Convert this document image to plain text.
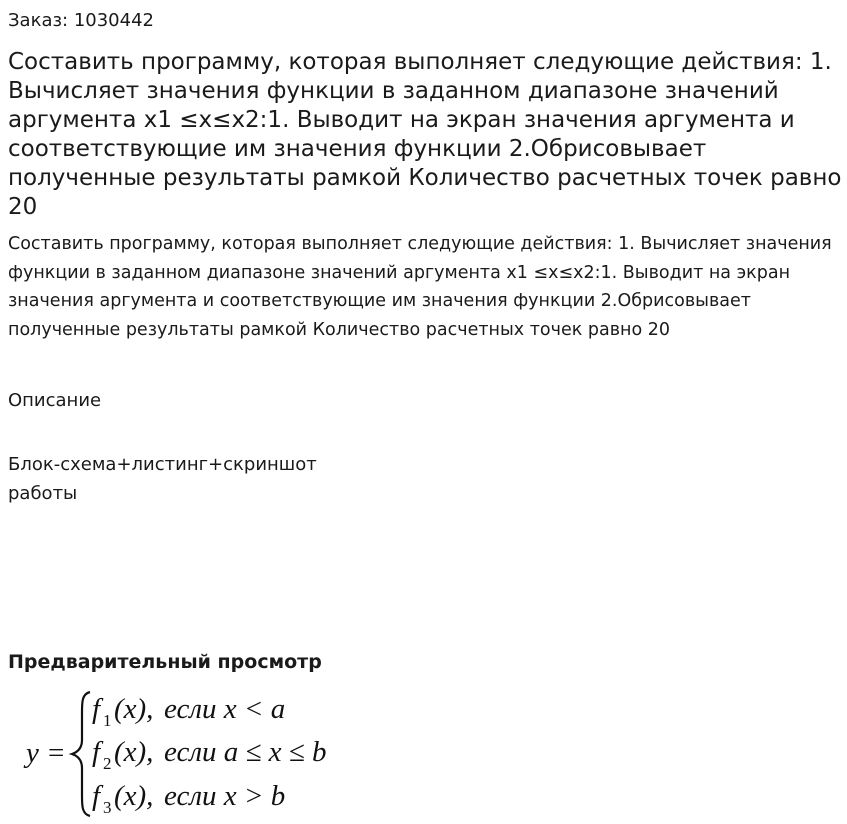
Заказ: 1030442
Составить программу, которая выполняет следующие действия: 1. Вычисляет значения функции в заданном диапазоне значений аргумента x1 ≤x≤x2:1. Выводит на экран значения аргумента и соответствующие им значения функции 2.Обрисовывает полученные результаты рамкой Количество расчетных точек равно 20

Составить программу, которая выполняет следующие действия: 1. Вычисляет значения функции в заданном диапазоне значений аргумента x1 ≤x≤x2:1. Выводит на экран значения аргумента и соответствующие им значения функции 2.Обрисовывает полученные результаты рамкой Количество расчетных точек равно 20

Описание

Блок-схема+листинг+скриншот работы

Предварительный просмотр
y =
f 1 (x), если x < a
f 2 (x), если a ≤ x ≤ b
f 3 (x), если x > b
